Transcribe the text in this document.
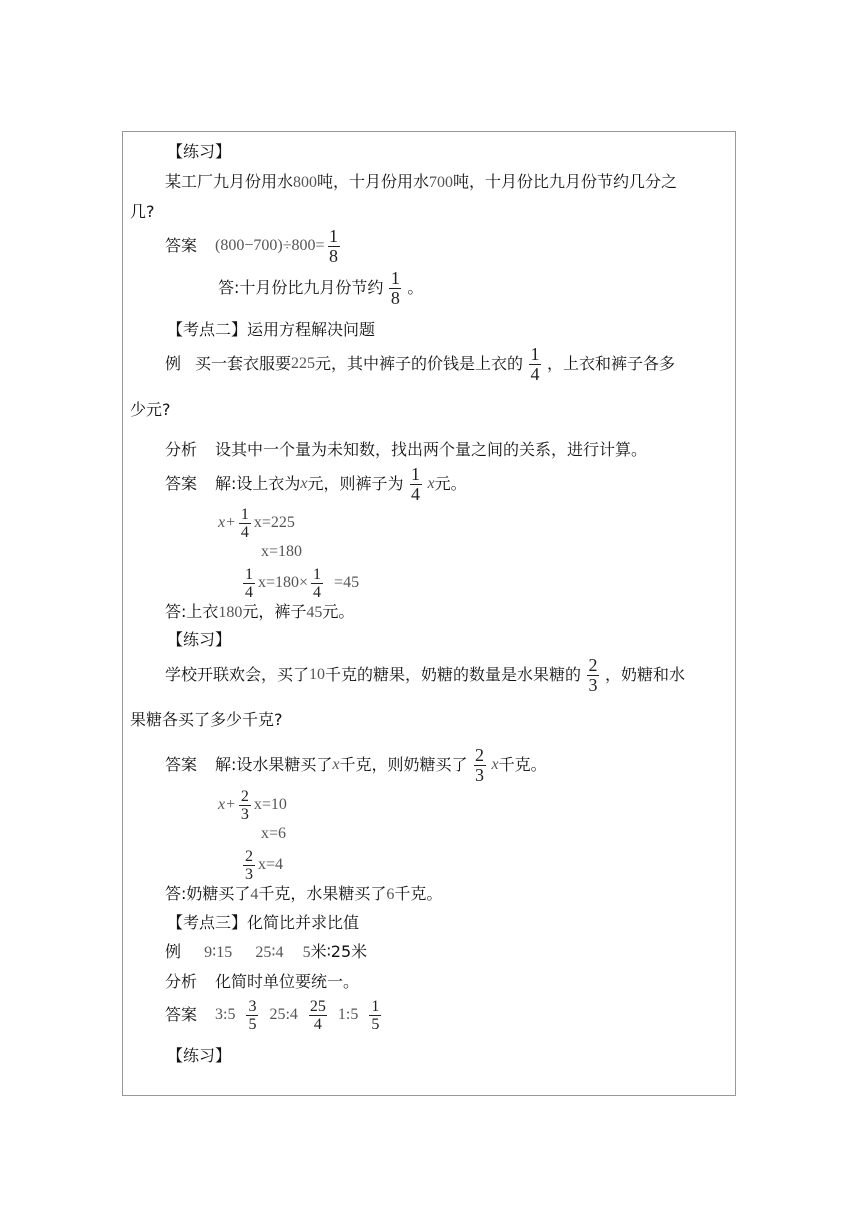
【练习】
某工厂九月份用水800吨，十月份用水700吨，十月份比九月份节约几分之
几?
答案 (800−700)÷800= 1
8
答:十月份比九月份节约 1
8 。
【考点二】运用方程解决问题
例 买一套衣服要 225 元，其中裤子的价钱是上衣的 1
4 ，上衣和裤子各多
少元?
分析 设其中一个量为未知数，找出两个量之间的关系，进行计算。
答案 解:设上衣为 x 元，则裤子为 1
4 x 元。
x+ 1
4
x=225
x=180
1
4
x=180× 1
4
=45
答:上衣180元，裤子45元。
【练习】
学校开联欢会，买了 10 千克的糖果，奶糖的数量是水果糖的 2
3 ，奶糖和水
果糖各买了多少千克?
答案 解:设水果糖买了 x 千克，则奶糖买了 2
3 x 千克。
x+ 2
3
x=10
x=6
2
3
x=4
答:奶糖买了4千克，水果糖买了6千克。
【考点三】化简比并求比值
例 9∶15 25∶4 5米∶25米
分析 化简时单位要统一。
答案 3:5 3
5
25:4 25
4
1:5 1
5
【练习】
